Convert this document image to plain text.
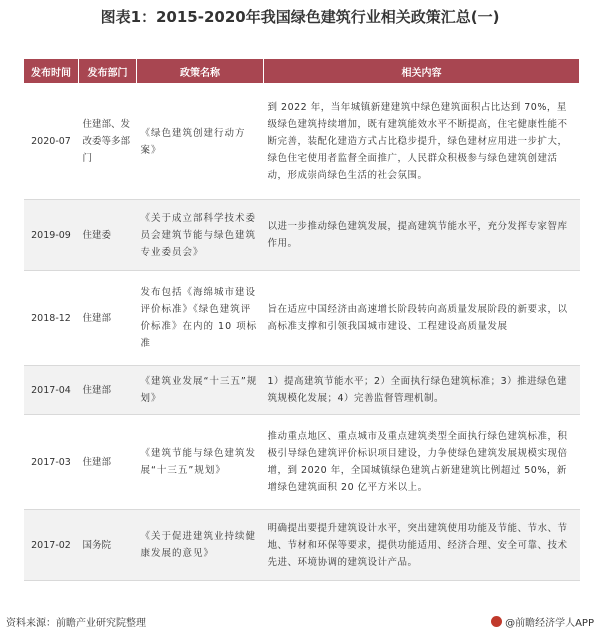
图表1：2015-2020年我国绿色建筑行业相关政策汇总(一)
发布时间	发布部门	政策名称	相关内容
2020-07	住建部、发改委等多部门	《绿色建筑创建行动方案》	到 2022 年，当年城镇新建建筑中绿色建筑面积占比达到 70%，星级绿色建筑持续增加，既有建筑能效水平不断提高，住宅健康性能不断完善，装配化建造方式占比稳步提升，绿色建材应用进一步扩大，绿色住宅使用者监督全面推广，人民群众积极参与绿色建筑创建活动，形成崇尚绿色生活的社会氛围。
2019-09	住建委	《关于成立部科学技术委员会建筑节能与绿色建筑专业委员会》	以进一步推动绿色建筑发展，提高建筑节能水平，充分发挥专家智库作用。
2018-12	住建部	发布包括《海绵城市建设评价标准》《绿色建筑评价标准》在内的 10 项标准	旨在适应中国经济由高速增长阶段转向高质量发展阶段的新要求，以高标准支撑和引领我国城市建设、工程建设高质量发展
2017-04	住建部	《建筑业发展“十三五”规划》	1）提高建筑节能水平；2）全面执行绿色建筑标准；3）推进绿色建筑规模化发展；4）完善监督管理机制。
2017-03	住建部	《建筑节能与绿色建筑发展“十三五”规划》	推动重点地区、重点城市及重点建筑类型全面执行绿色建筑标准，积极引导绿色建筑评价标识项目建设，力争使绿色建筑发展规模实现倍增，到 2020 年，全国城镇绿色建筑占新建建筑比例超过 50%，新增绿色建筑面积 20 亿平方米以上。
2017-02	国务院	《关于促进建筑业持续健康发展的意见》	明确提出要提升建筑设计水平，突出建筑使用功能及节能、节水、节地、节材和环保等要求，提供功能适用、经济合理、安全可靠、技术先进、环境协调的建筑设计产品。
资料来源：前瞻产业研究院整理	@前瞻经济学人APP
